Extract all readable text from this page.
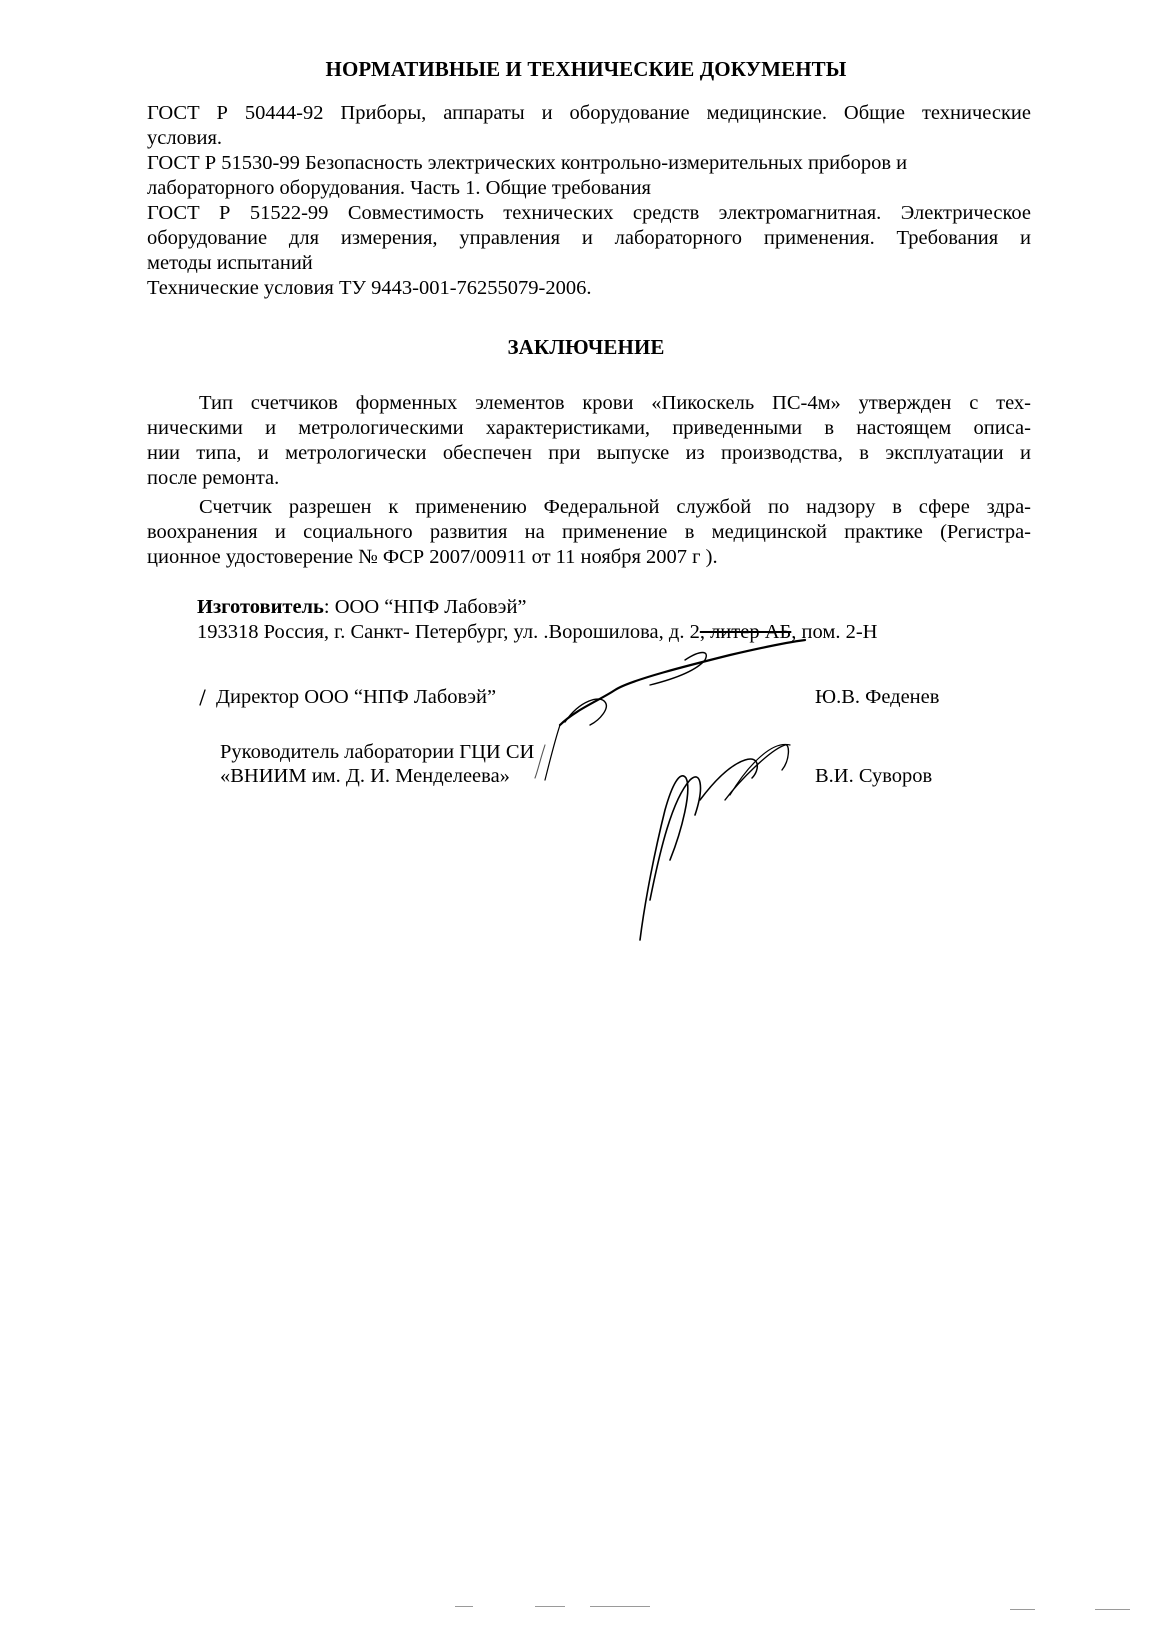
НОРМАТИВНЫЕ И ТЕХНИЧЕСКИЕ ДОКУМЕНТЫ
ГОСТ Р 50444-92 Приборы, аппараты и оборудование медицинские. Общие технические
условия.
ГОСТ Р 51530-99 Безопасность электрических контрольно-измерительных приборов и
лабораторного оборудования. Часть 1. Общие требования
ГОСТ Р 51522-99 Совместимость технических средств электромагнитная. Электрическое
оборудование для измерения, управления и лабораторного применения. Требования и
методы испытаний
Технические условия ТУ 9443-001-76255079-2006.
ЗАКЛЮЧЕНИЕ
Тип счетчиков форменных элементов крови «Пикоскель ПС-4м» утвержден с тех-
ническими и метрологическими характеристиками, приведенными в настоящем описа-
нии типа, и метрологически обеспечен при выпуске из производства, в эксплуатации и
после ремонта.
Счетчик разрешен к применению Федеральной службой по надзору в сфере здра-
воохранения и социального развития на применение в медицинской практике (Регистра-
ционное удостоверение № ФСР 2007/00911 от 11 ноября 2007 г ).
Изготовитель: ООО “НПФ Лабовэй”
193318 Россия, г. Санкт- Петербург, ул. .Ворошилова, д. 2, литер АБ, пом. 2-Н
Директор ООО “НПФ Лабовэй”	Ю.В. Феденев
Руководитель лаборатории ГЦИ СИ
«ВНИИМ им. Д. И. Менделеева»	В.И. Суворов
